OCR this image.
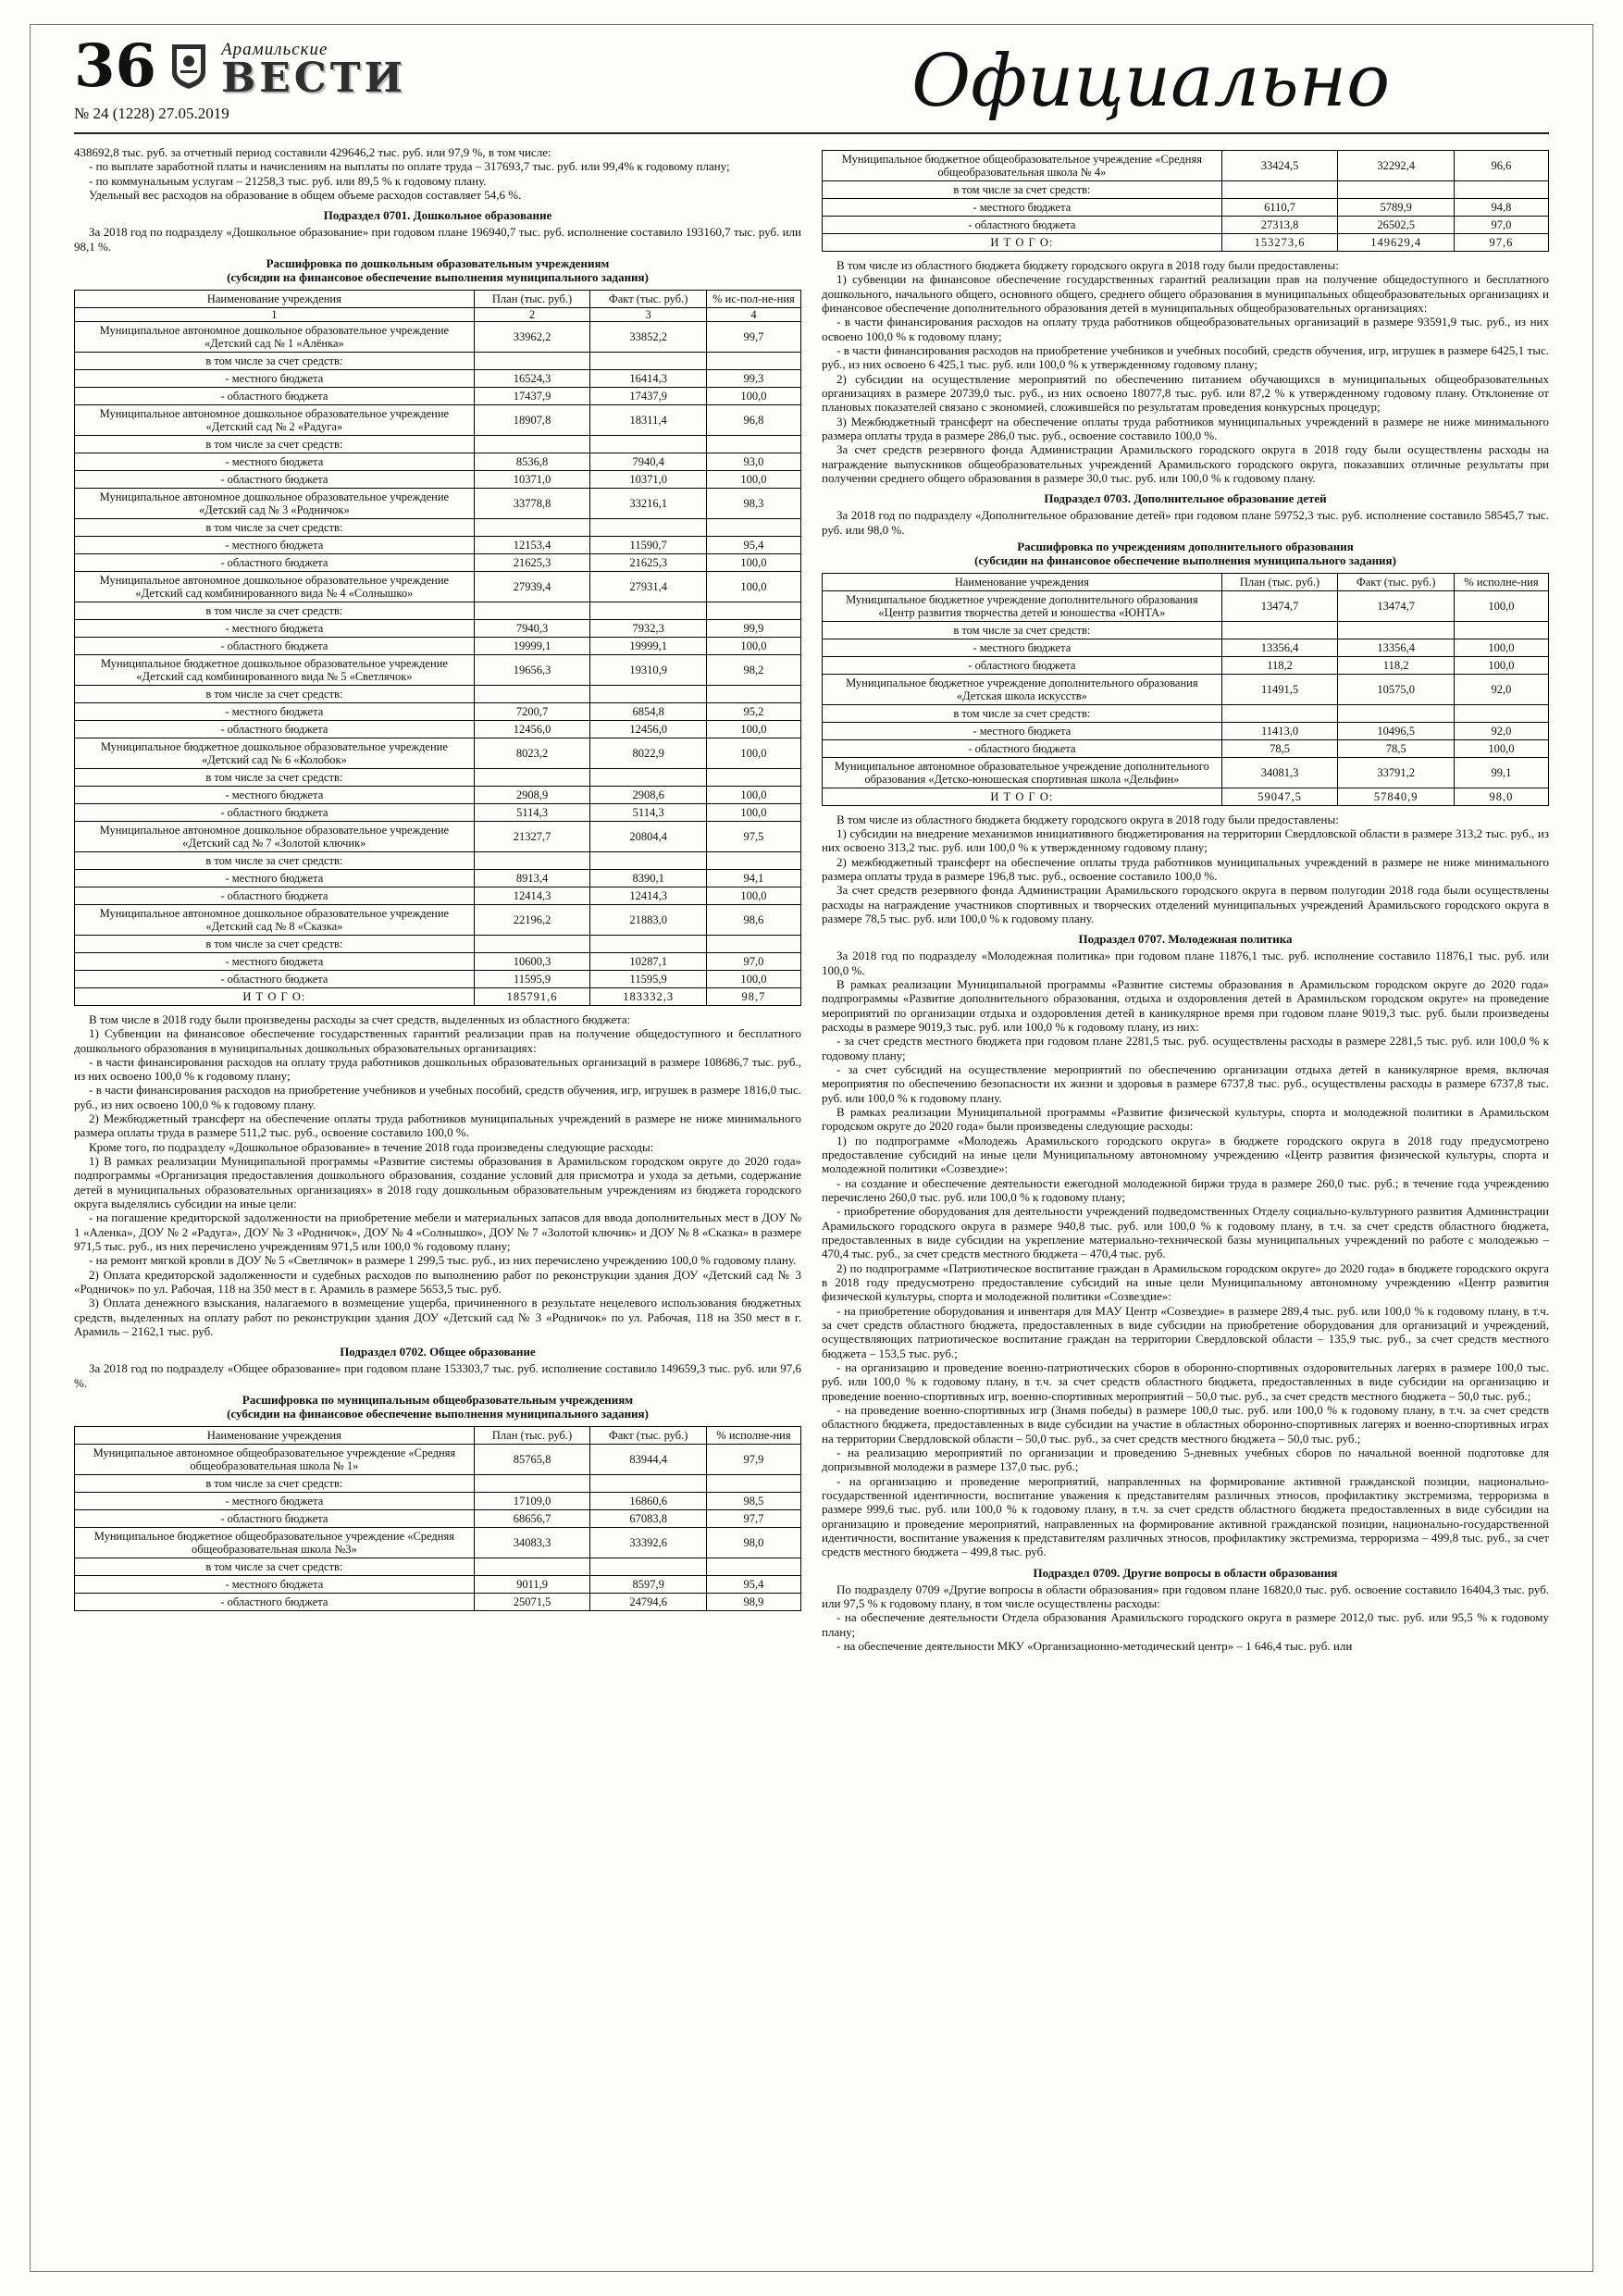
36	Арамильские
ВЕСТИ
№ 24 (1228) 27.05.2019	Официально

438692,8 тыс. руб. за отчетный период составили 429646,2 тыс. руб. или 97,9 %, в том числе:

- по выплате заработной платы и начислениям на выплаты по оплате труда – 317693,7 тыс. руб. или 99,4% к годовому плану;

- по коммунальным услугам – 21258,3 тыс. руб. или 89,5 % к годовому плану.

Удельный вес расходов на образование в общем объеме расходов составляет 54,6 %.

Подраздел 0701. Дошкольное образование

За 2018 год по подразделу «Дошкольное образование» при годовом плане 196940,7 тыс. руб. исполнение составило 193160,7 тыс. руб. или 98,1 %.

Расшифровка по дошкольным образовательным учреждениям
(субсидии на финансовое обеспечение выполнения муниципального задания)
Наименование учреждения	План (тыс. руб.)	Факт (тыс. руб.)	% ис-пол-не-ния
1	2	3	4
Муниципальное автономное дошкольное образовательное учреждение «Детский сад № 1 «Алёнка»	33962,2	33852,2	99,7
в том числе за счет средств:			
- местного бюджета	16524,3	16414,3	99,3
- областного бюджета	17437,9	17437,9	100,0
Муниципальное автономное дошкольное образовательное учреждение «Детский сад № 2 «Радуга»	18907,8	18311,4	96,8
в том числе за счет средств:			
- местного бюджета	8536,8	7940,4	93,0
- областного бюджета	10371,0	10371,0	100,0
Муниципальное автономное дошкольное образовательное учреждение «Детский сад № 3 «Родничок»	33778,8	33216,1	98,3
в том числе за счет средств:			
- местного бюджета	12153,4	11590,7	95,4
- областного бюджета	21625,3	21625,3	100,0
Муниципальное автономное дошкольное образовательное учреждение «Детский сад комбинированного вида № 4 «Солнышко»	27939,4	27931,4	100,0
в том числе за счет средств:			
- местного бюджета	7940,3	7932,3	99,9
- областного бюджета	19999,1	19999,1	100,0
Муниципальное бюджетное дошкольное образовательное учреждение «Детский сад комбинированного вида № 5 «Светлячок»	19656,3	19310,9	98,2
в том числе за счет средств:			
- местного бюджета	7200,7	6854,8	95,2
- областного бюджета	12456,0	12456,0	100,0
Муниципальное бюджетное дошкольное образовательное учреждение «Детский сад № 6 «Колобок»	8023,2	8022,9	100,0
в том числе за счет средств:			
- местного бюджета	2908,9	2908,6	100,0
- областного бюджета	5114,3	5114,3	100,0
Муниципальное автономное дошкольное образовательное учреждение «Детский сад № 7 «Золотой ключик»	21327,7	20804,4	97,5
в том числе за счет средств:			
- местного бюджета	8913,4	8390,1	94,1
- областного бюджета	12414,3	12414,3	100,0
Муниципальное автономное дошкольное образовательное учреждение «Детский сад № 8 «Сказка»	22196,2	21883,0	98,6
в том числе за счет средств:			
- местного бюджета	10600,3	10287,1	97,0
- областного бюджета	11595,9	11595,9	100,0
И Т О Г О:	185791,6	183332,3	98,7

В том числе в 2018 году были произведены расходы за счет средств, выделенных из областного бюджета:

1) Субвенции на финансовое обеспечение государственных гарантий реализации прав на получение общедоступного и бесплатного дошкольного образования в муниципальных дошкольных образовательных организациях:

- в части финансирования расходов на оплату труда работников дошкольных образовательных организаций в размере 108686,7 тыс. руб., из них освоено 100,0 % к годовому плану;

- в части финансирования расходов на приобретение учебников и учебных пособий, средств обучения, игр, игрушек в размере 1816,0 тыс. руб., из них освоено 100,0 % к годовому плану.

2) Межбюджетный трансферт на обеспечение оплаты труда работников муниципальных учреждений в размере не ниже минимального размера оплаты труда в размере 511,2 тыс. руб., освоение составило 100,0 %.

Кроме того, по подразделу «Дошкольное образование» в течение 2018 года произведены следующие расходы:

1) В рамках реализации Муниципальной программы «Развитие системы образования в Арамильском городском округе до 2020 года» подпрограммы «Организация предоставления дошкольного образования, создание условий для присмотра и ухода за детьми, содержание детей в муниципальных образовательных организациях» в 2018 году дошкольным образовательным учреждениям из бюджета городского округа выделялись субсидии на иные цели:

- на погашение кредиторской задолженности на приобретение мебели и материальных запасов для ввода дополнительных мест в ДОУ № 1 «Аленка», ДОУ № 2 «Радуга», ДОУ № 3 «Родничок», ДОУ № 4 «Солнышко», ДОУ № 7 «Золотой ключик» и ДОУ № 8 «Сказка» в размере 971,5 тыс. руб., из них перечислено учреждениям 971,5 или 100,0 % годовому плану;

- на ремонт мягкой кровли в ДОУ № 5 «Светлячок» в размере 1 299,5 тыс. руб., из них перечислено учреждению 100,0 % годовому плану.

2) Оплата кредиторской задолженности и судебных расходов по выполнению работ по реконструкции здания ДОУ «Детский сад № 3 «Родничок» по ул. Рабочая, 118 на 350 мест в г. Арамиль в размере 5653,5 тыс. руб.

3) Оплата денежного взыскания, налагаемого в возмещение ущерба, причиненного в результате нецелевого использования бюджетных средств, выделенных на оплату работ по реконструкции здания ДОУ «Детский сад № 3 «Родничок» по ул. Рабочая, 118 на 350 мест в г. Арамиль – 2162,1 тыс. руб.

Подраздел 0702. Общее образование

За 2018 год по подразделу «Общее образование» при годовом плане 153303,7 тыс. руб. исполнение составило 149659,3 тыс. руб. или 97,6 %.

Расшифровка по муниципальным общеобразовательным учреждениям
(субсидии на финансовое обеспечение выполнения муниципального задания)
Наименование учреждения	План (тыс. руб.)	Факт (тыс. руб.)	% исполне-ния
Муниципальное автономное общеобразовательное учреждение «Средняя общеобразовательная школа № 1»	85765,8	83944,4	97,9
в том числе за счет средств:			
- местного бюджета	17109,0	16860,6	98,5
- областного бюджета	68656,7	67083,8	97,7
Муниципальное бюджетное общеобразовательное учреждение «Средняя общеобразовательная школа №3»	34083,3	33392,6	98,0
в том числе за счет средств:			
- местного бюджета	9011,9	8597,9	95,4
- областного бюджета	25071,5	24794,6	98,9
Муниципальное бюджетное общеобразовательное учреждение «Средняя общеобразовательная школа № 4»	33424,5	32292,4	96,6
в том числе за счет средств:			
- местного бюджета	6110,7	5789,9	94,8
- областного бюджета	27313,8	26502,5	97,0
И Т О Г О:	153273,6	149629,4	97,6

В том числе из областного бюджета бюджету городского округа в 2018 году были предоставлены:

1) субвенции на финансовое обеспечение государственных гарантий реализации прав на получение общедоступного и бесплатного дошкольного, начального общего, основного общего, среднего общего образования в муниципальных общеобразовательных организациях и финансовое обеспечение дополнительного образования детей в муниципальных общеобразовательных организациях:

- в части финансирования расходов на оплату труда работников общеобразовательных организаций в размере 93591,9 тыс. руб., из них освоено 100,0 % к годовому плану;

- в части финансирования расходов на приобретение учебников и учебных пособий, средств обучения, игр, игрушек в размере 6425,1 тыс. руб., из них освоено 6 425,1 тыс. руб. или 100,0 % к утвержденному годовому плану;

2) субсидии на осуществление мероприятий по обеспечению питанием обучающихся в муниципальных общеобразовательных организациях в размере 20739,0 тыс. руб., из них освоено 18077,8 тыс. руб. или 87,2 % к утвержденному годовому плану. Отклонение от плановых показателей связано с экономией, сложившейся по результатам проведения конкурсных процедур;

3) Межбюджетный трансферт на обеспечение оплаты труда работников муниципальных учреждений в размере не ниже минимального размера оплаты труда в размере 286,0 тыс. руб., освоение составило 100,0 %.

За счет средств резервного фонда Администрации Арамильского городского округа в 2018 году были осуществлены расходы на награждение выпускников общеобразовательных учреждений Арамильского городского округа, показавших отличные результаты при получении среднего общего образования в размере 30,0 тыс. руб. или 100,0 % к годовому плану.

Подраздел 0703. Дополнительное образование детей

За 2018 год по подразделу «Дополнительное образование детей» при годовом плане 59752,3 тыс. руб. исполнение составило 58545,7 тыс. руб. или 98,0 %.

Расшифровка по учреждениям дополнительного образования
(субсидии на финансовое обеспечение выполнения муниципального задания)
Наименование учреждения	План (тыс. руб.)	Факт (тыс. руб.)	% исполне-ния
Муниципальное бюджетное учреждение дополнительного образования «Центр развития творчества детей и юношества «ЮНТА»	13474,7	13474,7	100,0
в том числе за счет средств:			
- местного бюджета	13356,4	13356,4	100,0
- областного бюджета	118,2	118,2	100,0
Муниципальное бюджетное учреждение дополнительного образования «Детская школа искусств»	11491,5	10575,0	92,0
в том числе за счет средств:			
- местного бюджета	11413,0	10496,5	92,0
- областного бюджета	78,5	78,5	100,0
Муниципальное автономное образовательное учреждение дополнительного образования «Детско-юношеская спортивная школа «Дельфин»	34081,3	33791,2	99,1
И Т О Г О:	59047,5	57840,9	98,0

В том числе из областного бюджета бюджету городского округа в 2018 году были предоставлены:

1) субсидии на внедрение механизмов инициативного бюджетирования на территории Свердловской области в размере 313,2 тыс. руб., из них освоено 313,2 тыс. руб. или 100,0 % к утвержденному годовому плану;

2) межбюджетный трансферт на обеспечение оплаты труда работников муниципальных учреждений в размере не ниже минимального размера оплаты труда в размере 196,8 тыс. руб., освоение составило 100,0 %.

За счет средств резервного фонда Администрации Арамильского городского округа в первом полугодии 2018 года были осуществлены расходы на награждение участников спортивных и творческих отделений муниципальных учреждений Арамильского городского округа в размере 78,5 тыс. руб. или 100,0 % к годовому плану.

Подраздел 0707. Молодежная политика

За 2018 год по подразделу «Молодежная политика» при годовом плане 11876,1 тыс. руб. исполнение составило 11876,1 тыс. руб. или 100,0 %.

В рамках реализации Муниципальной программы «Развитие системы образования в Арамильском городском округе до 2020 года» подпрограммы «Развитие дополнительного образования, отдыха и оздоровления детей в Арамильском городском округе» на проведение мероприятий по организации отдыха и оздоровления детей в каникулярное время при годовом плане 9019,3 тыс. руб. были произведены расходы в размере 9019,3 тыс. руб. или 100,0 % к годовому плану, из них:

- за счет средств местного бюджета при годовом плане 2281,5 тыс. руб. осуществлены расходы в размере 2281,5 тыс. руб. или 100,0 % к годовому плану;

- за счет субсидий на осуществление мероприятий по обеспечению организации отдыха детей в каникулярное время, включая мероприятия по обеспечению безопасности их жизни и здоровья в размере 6737,8 тыс. руб., осуществлены расходы в размере 6737,8 тыс. руб. или 100,0 % к годовому плану.

В рамках реализации Муниципальной программы «Развитие физической культуры, спорта и молодежной политики в Арамильском городском округе до 2020 года» были произведены следующие расходы:

1) по подпрограмме «Молодежь Арамильского городского округа» в бюджете городского округа в 2018 году предусмотрено предоставление субсидий на иные цели Муниципальному автономному учреждению «Центр развития физической культуры, спорта и молодежной политики «Созвездие»:

- на создание и обеспечение деятельности ежегодной молодежной биржи труда в размере 260,0 тыс. руб.; в течение года учреждению перечислено 260,0 тыс. руб. или 100,0 % к годовому плану;

- приобретение оборудования для деятельности учреждений подведомственных Отделу социально-культурного развития Администрации Арамильского городского округа в размере 940,8 тыс. руб. или 100,0 % к годовому плану, в т.ч. за счет средств областного бюджета, предоставленных в виде субсидии на укрепление материально-технической базы муниципальных учреждений по работе с молодежью – 470,4 тыс. руб., за счет средств местного бюджета – 470,4 тыс. руб.

2) по подпрограмме «Патриотическое воспитание граждан в Арамильском городском округе» до 2020 года» в бюджете городского округа в 2018 году предусмотрено предоставление субсидий на иные цели Муниципальному автономному учреждению «Центр развития физической культуры, спорта и молодежной политики «Созвездие»:

- на приобретение оборудования и инвентаря для МАУ Центр «Созвездие» в размере 289,4 тыс. руб. или 100,0 % к годовому плану, в т.ч. за счет средств областного бюджета, предоставленных в виде субсидии на приобретение оборудования для организаций и учреждений, осуществляющих патриотическое воспитание граждан на территории Свердловской области – 135,9 тыс. руб., за счет средств местного бюджета – 153,5 тыс. руб.;

- на организацию и проведение военно-патриотических сборов в оборонно-спортивных оздоровительных лагерях в размере 100,0 тыс. руб. или 100,0 % к годовому плану, в т.ч. за счет средств областного бюджета, предоставленных в виде субсидии на организацию и проведение военно-спортивных игр, военно-спортивных мероприятий – 50,0 тыс. руб., за счет средств местного бюджета – 50,0 тыс. руб.;

- на проведение военно-спортивных игр (Знамя победы) в размере 100,0 тыс. руб. или 100,0 % к годовому плану, в т.ч. за счет средств областного бюджета, предоставленных в виде субсидии на участие в областных оборонно-спортивных лагерях и военно-спортивных играх на территории Свердловской области – 50,0 тыс. руб., за счет средств местного бюджета – 50,0 тыс. руб.;

- на реализацию мероприятий по организации и проведению 5-дневных учебных сборов по начальной военной подготовке для допризывной молодежи в размере 137,0 тыс. руб.;

- на организацию и проведение мероприятий, направленных на формирование активной гражданской позиции, национально-государственной идентичности, воспитание уважения к представителям различных этносов, профилактику экстремизма, терроризма в размере 999,6 тыс. руб. или 100,0 % к годовому плану, в т.ч. за счет средств областного бюджета предоставленных в виде субсидии на организацию и проведение мероприятий, направленных на формирование активной гражданской позиции, национально-государственной идентичности, воспитание уважения к представителям различных этносов, профилактику экстремизма, терроризма – 499,8 тыс. руб., за счет средств местного бюджета – 499,8 тыс. руб.

Подраздел 0709. Другие вопросы в области образования

По подразделу 0709 «Другие вопросы в области образования» при годовом плане 16820,0 тыс. руб. освоение составило 16404,3 тыс. руб. или 97,5 % к годовому плану, в том числе осуществлены расходы:

- на обеспечение деятельности Отдела образования Арамильского городского округа в размере 2012,0 тыс. руб. или 95,5 % к годовому плану;

- на обеспечение деятельности МКУ «Организационно-методический центр» – 1 646,4 тыс. руб. или
